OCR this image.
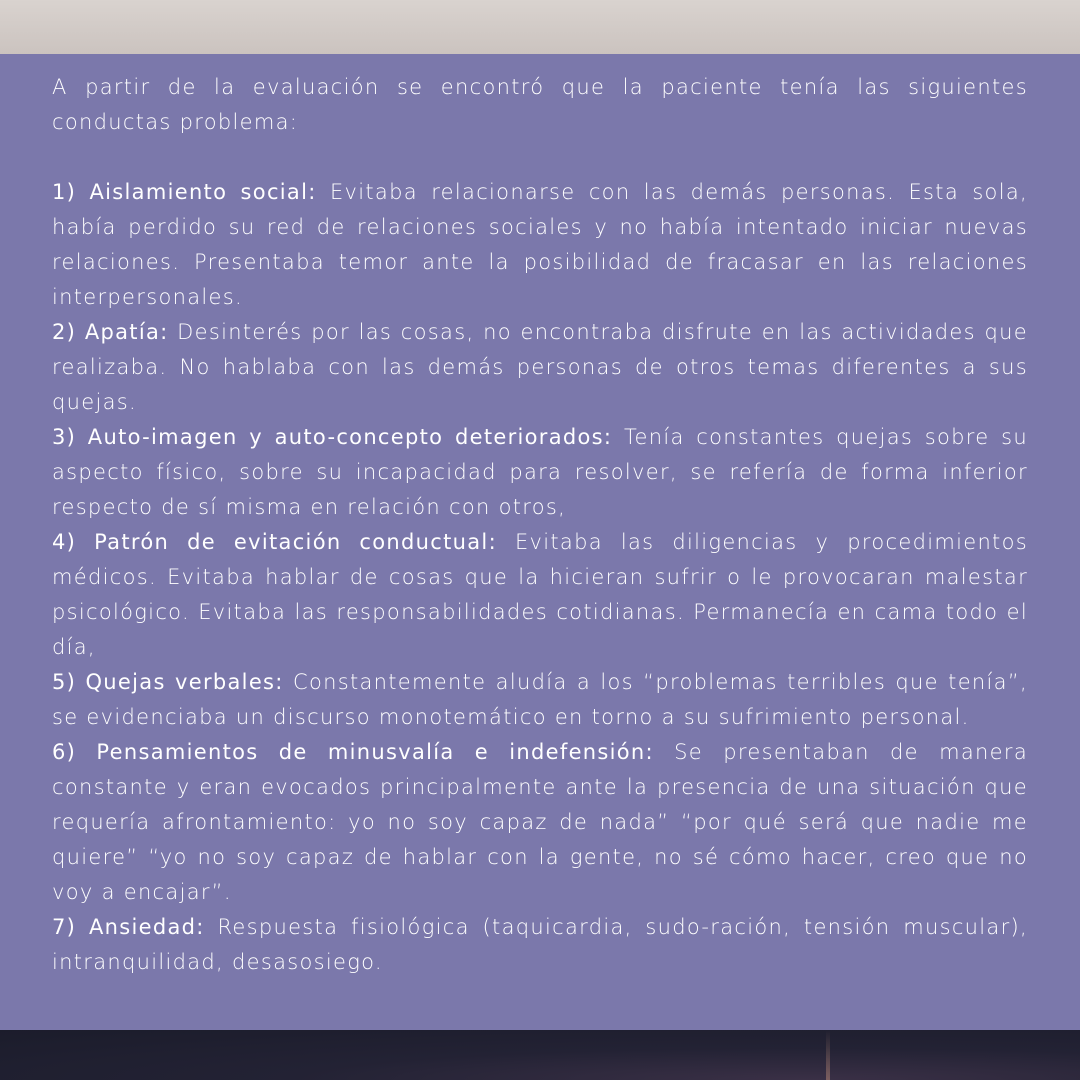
A partir de la evaluación se encontró que la paciente tenía las siguientes conductas problema:

1) Aislamiento social: Evitaba relacionarse con las demás personas. Esta sola, había perdido su red de relaciones sociales y no había intentado iniciar nuevas relaciones. Presentaba temor ante la posibilidad de fracasar en las relaciones interpersonales.

2) Apatía: Desinterés por las cosas, no encontraba disfrute en las actividades que realizaba. No hablaba con las demás personas de otros temas diferentes a sus quejas.

3) Auto-imagen y auto-concepto deteriorados: Tenía constantes quejas sobre su aspecto físico, sobre su incapacidad para resolver, se refería de forma inferior respecto de sí misma en relación con otros,

4) Patrón de evitación conductual: Evitaba las diligencias y procedimientos médicos. Evitaba hablar de cosas que la hicieran sufrir o le provocaran malestar psicológico. Evitaba las responsabilidades cotidianas. Permanecía en cama todo el día,

5) Quejas verbales: Constantemente aludía a los “problemas terribles que tenía”, se evidenciaba un discurso monotemático en torno a su sufrimiento personal.

6) Pensamientos de minusvalía e indefensión: Se presentaban de manera constante y eran evocados principalmente ante la presencia de una situación que requería afrontamiento: yo no soy capaz de nada” “por qué será que nadie me quiere” “yo no soy capaz de hablar con la gente, no sé cómo hacer, creo que no voy a encajar”.

7) Ansiedad: Respuesta fisiológica (taquicardia, sudo-ración, tensión muscular), intranquilidad, desasosiego.
